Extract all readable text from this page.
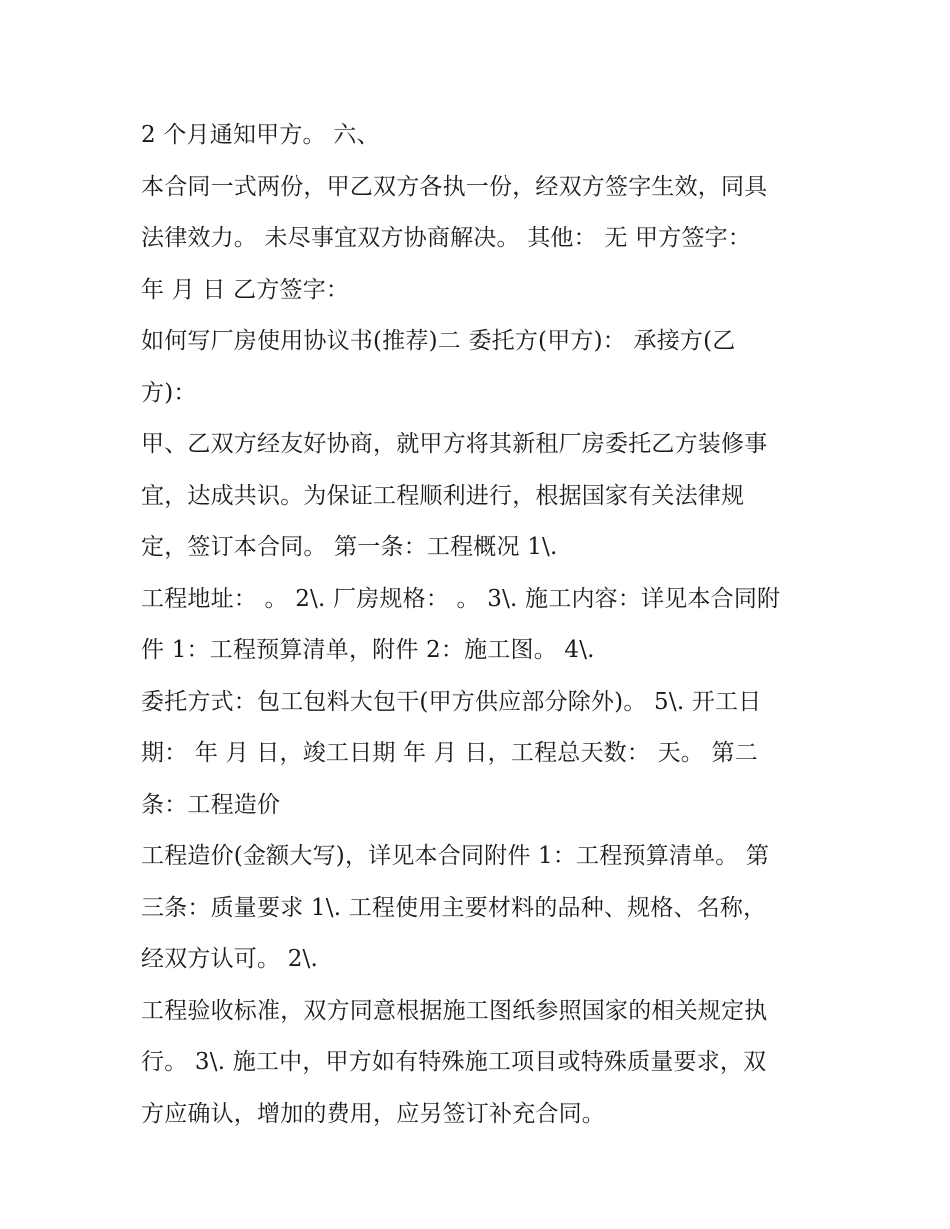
2 个月通知甲方。 六、
本合同一式两份，甲乙双方各执一份，经双方签字生效，同具
法律效力。 未尽事宜双方协商解决。 其他： 无 甲方签字：
年 月 日 乙方签字：
如何写厂房使用协议书(推荐)二 委托方(甲方)： 承接方(乙
方)：
甲、乙双方经友好协商，就甲方将其新租厂房委托乙方装修事
宜，达成共识。为保证工程顺利进行，根据国家有关法律规
定，签订本合同。 第一条：工程概况 1\.
工程地址： 。 2\. 厂房规格： 。 3\. 施工内容：详见本合同附
件 1：工程预算清单，附件 2：施工图。 4\.
委托方式：包工包料大包干(甲方供应部分除外)。 5\. 开工日
期： 年 月 日，竣工日期 年 月 日，工程总天数： 天。 第二
条：工程造价
工程造价(金额大写)，详见本合同附件 1：工程预算清单。 第
三条：质量要求 1\. 工程使用主要材料的品种、规格、名称，
经双方认可。 2\.
工程验收标准，双方同意根据施工图纸参照国家的相关规定执
行。 3\. 施工中，甲方如有特殊施工项目或特殊质量要求，双
方应确认，增加的费用，应另签订补充合同。
